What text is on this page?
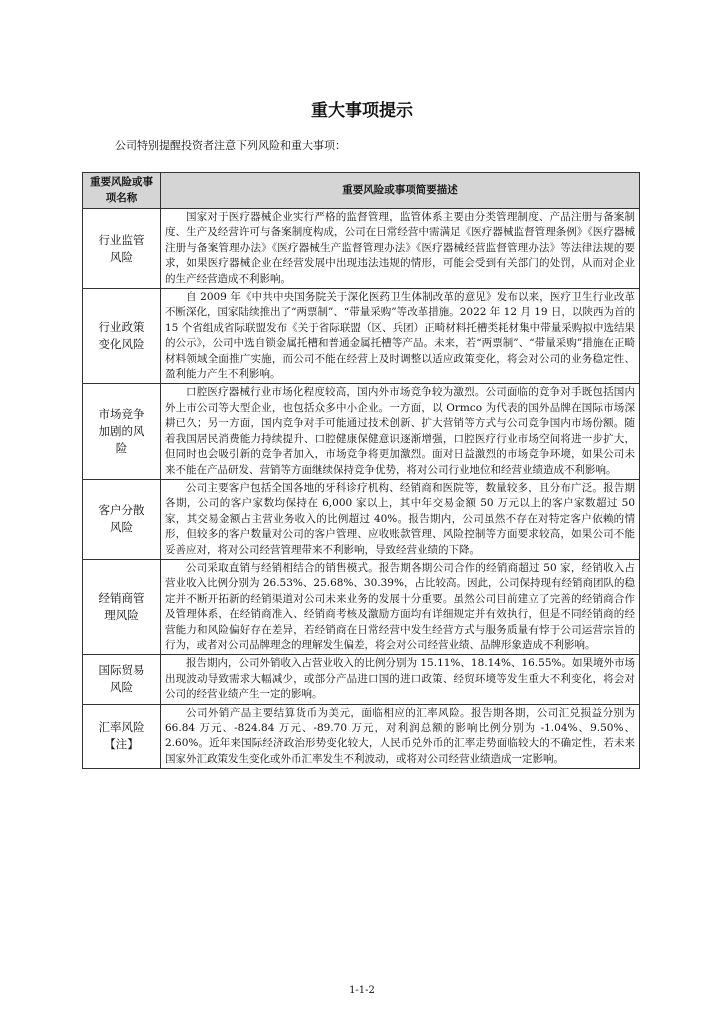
重大事项提示
公司特别提醒投资者注意下列风险和重大事项：
重要风险或事项名称	重要风险或事项简要描述
行业监管风险	国家对于医疗器械企业实行严格的监督管理，监管体系主要由分类管理制度、产品注册与备案制度、生产及经营许可与备案制度构成，公司在日常经营中需满足《医疗器械监督管理条例》《医疗器械注册与备案管理办法》《医疗器械生产监督管理办法》《医疗器械经营监督管理办法》等法律法规的要求，如果医疗器械企业在经营发展中出现违法违规的情形，可能会受到有关部门的处罚，从而对企业的生产经营造成不利影响。

行业政策变化风险	自 2009 年《中共中央国务院关于深化医药卫生体制改革的意见》发布以来，医疗卫生行业改革不断深化，国家陆续推出了“两票制”、“带量采购”等改革措施。2022 年 12 月 19 日，以陕西为首的 15 个省组成省际联盟发布《关于省际联盟（区、兵团）正畸材料托槽类耗材集中带量采购拟中选结果的公示》，公司中选自锁金属托槽和普通金属托槽等产品。未来，若“两票制”、“带量采购”措施在正畸材料领域全面推广实施，而公司不能在经营上及时调整以适应政策变化，将会对公司的业务稳定性、盈利能力产生不利影响。

市场竞争加剧的风险	口腔医疗器械行业市场化程度较高，国内外市场竞争较为激烈。公司面临的竞争对手既包括国内外上市公司等大型企业，也包括众多中小企业。一方面，以 Ormco 为代表的国外品牌在国际市场深耕已久；另一方面，国内竞争对手可能通过技术创新、扩大营销等方式与公司竞争国内市场份额。随着我国居民消费能力持续提升、口腔健康保健意识逐渐增强，口腔医疗行业市场空间将进一步扩大，但同时也会吸引新的竞争者加入，市场竞争将更加激烈。面对日益激烈的市场竞争环境，如果公司未来不能在产品研发、营销等方面继续保持竞争优势，将对公司行业地位和经营业绩造成不利影响。

客户分散风险	公司主要客户包括全国各地的牙科诊疗机构、经销商和医院等，数量较多，且分布广泛。报告期各期，公司的客户家数均保持在 6,000 家以上，其中年交易金额 50 万元以上的客户家数超过 50 家，其交易金额占主营业务收入的比例超过 40%。报告期内，公司虽然不存在对特定客户依赖的情形，但较多的客户数量对公司的客户管理、应收账款管理、风险控制等方面要求较高，如果公司不能妥善应对，将对公司经营管理带来不利影响，导致经营业绩的下降。

经销商管理风险	公司采取直销与经销相结合的销售模式。报告期各期公司合作的经销商超过 50 家，经销收入占营业收入比例分别为 26.53%、25.68%、30.39%，占比较高。因此，公司保持现有经销商团队的稳定并不断开拓新的经销渠道对公司未来业务的发展十分重要。虽然公司目前建立了完善的经销商合作及管理体系，在经销商准入、经销商考核及激励方面均有详细规定并有效执行，但是不同经销商的经营能力和风险偏好存在差异，若经销商在日常经营中发生经营方式与服务质量有悖于公司运营宗旨的行为，或者对公司品牌理念的理解发生偏差，将会对公司经营业绩、品牌形象造成不利影响。

国际贸易风险	报告期内，公司外销收入占营业收入的比例分别为 15.11%、18.14%、16.55%。如果境外市场出现波动导致需求大幅减少，或部分产品进口国的进口政策、经贸环境等发生重大不利变化，将会对公司的经营业绩产生一定的影响。

汇率风险【注】	公司外销产品主要结算货币为美元，面临相应的汇率风险。报告期各期，公司汇兑损益分别为 66.84 万元、-824.84 万元、-89.70 万元，对利润总额的影响比例分别为 -1.04%、9.50%、2.60%。近年来国际经济政治形势变化较大，人民币兑外币的汇率走势面临较大的不确定性，若未来国家外汇政策发生变化或外币汇率发生不利波动，或将对公司经营业绩造成一定影响。

1-1-2
